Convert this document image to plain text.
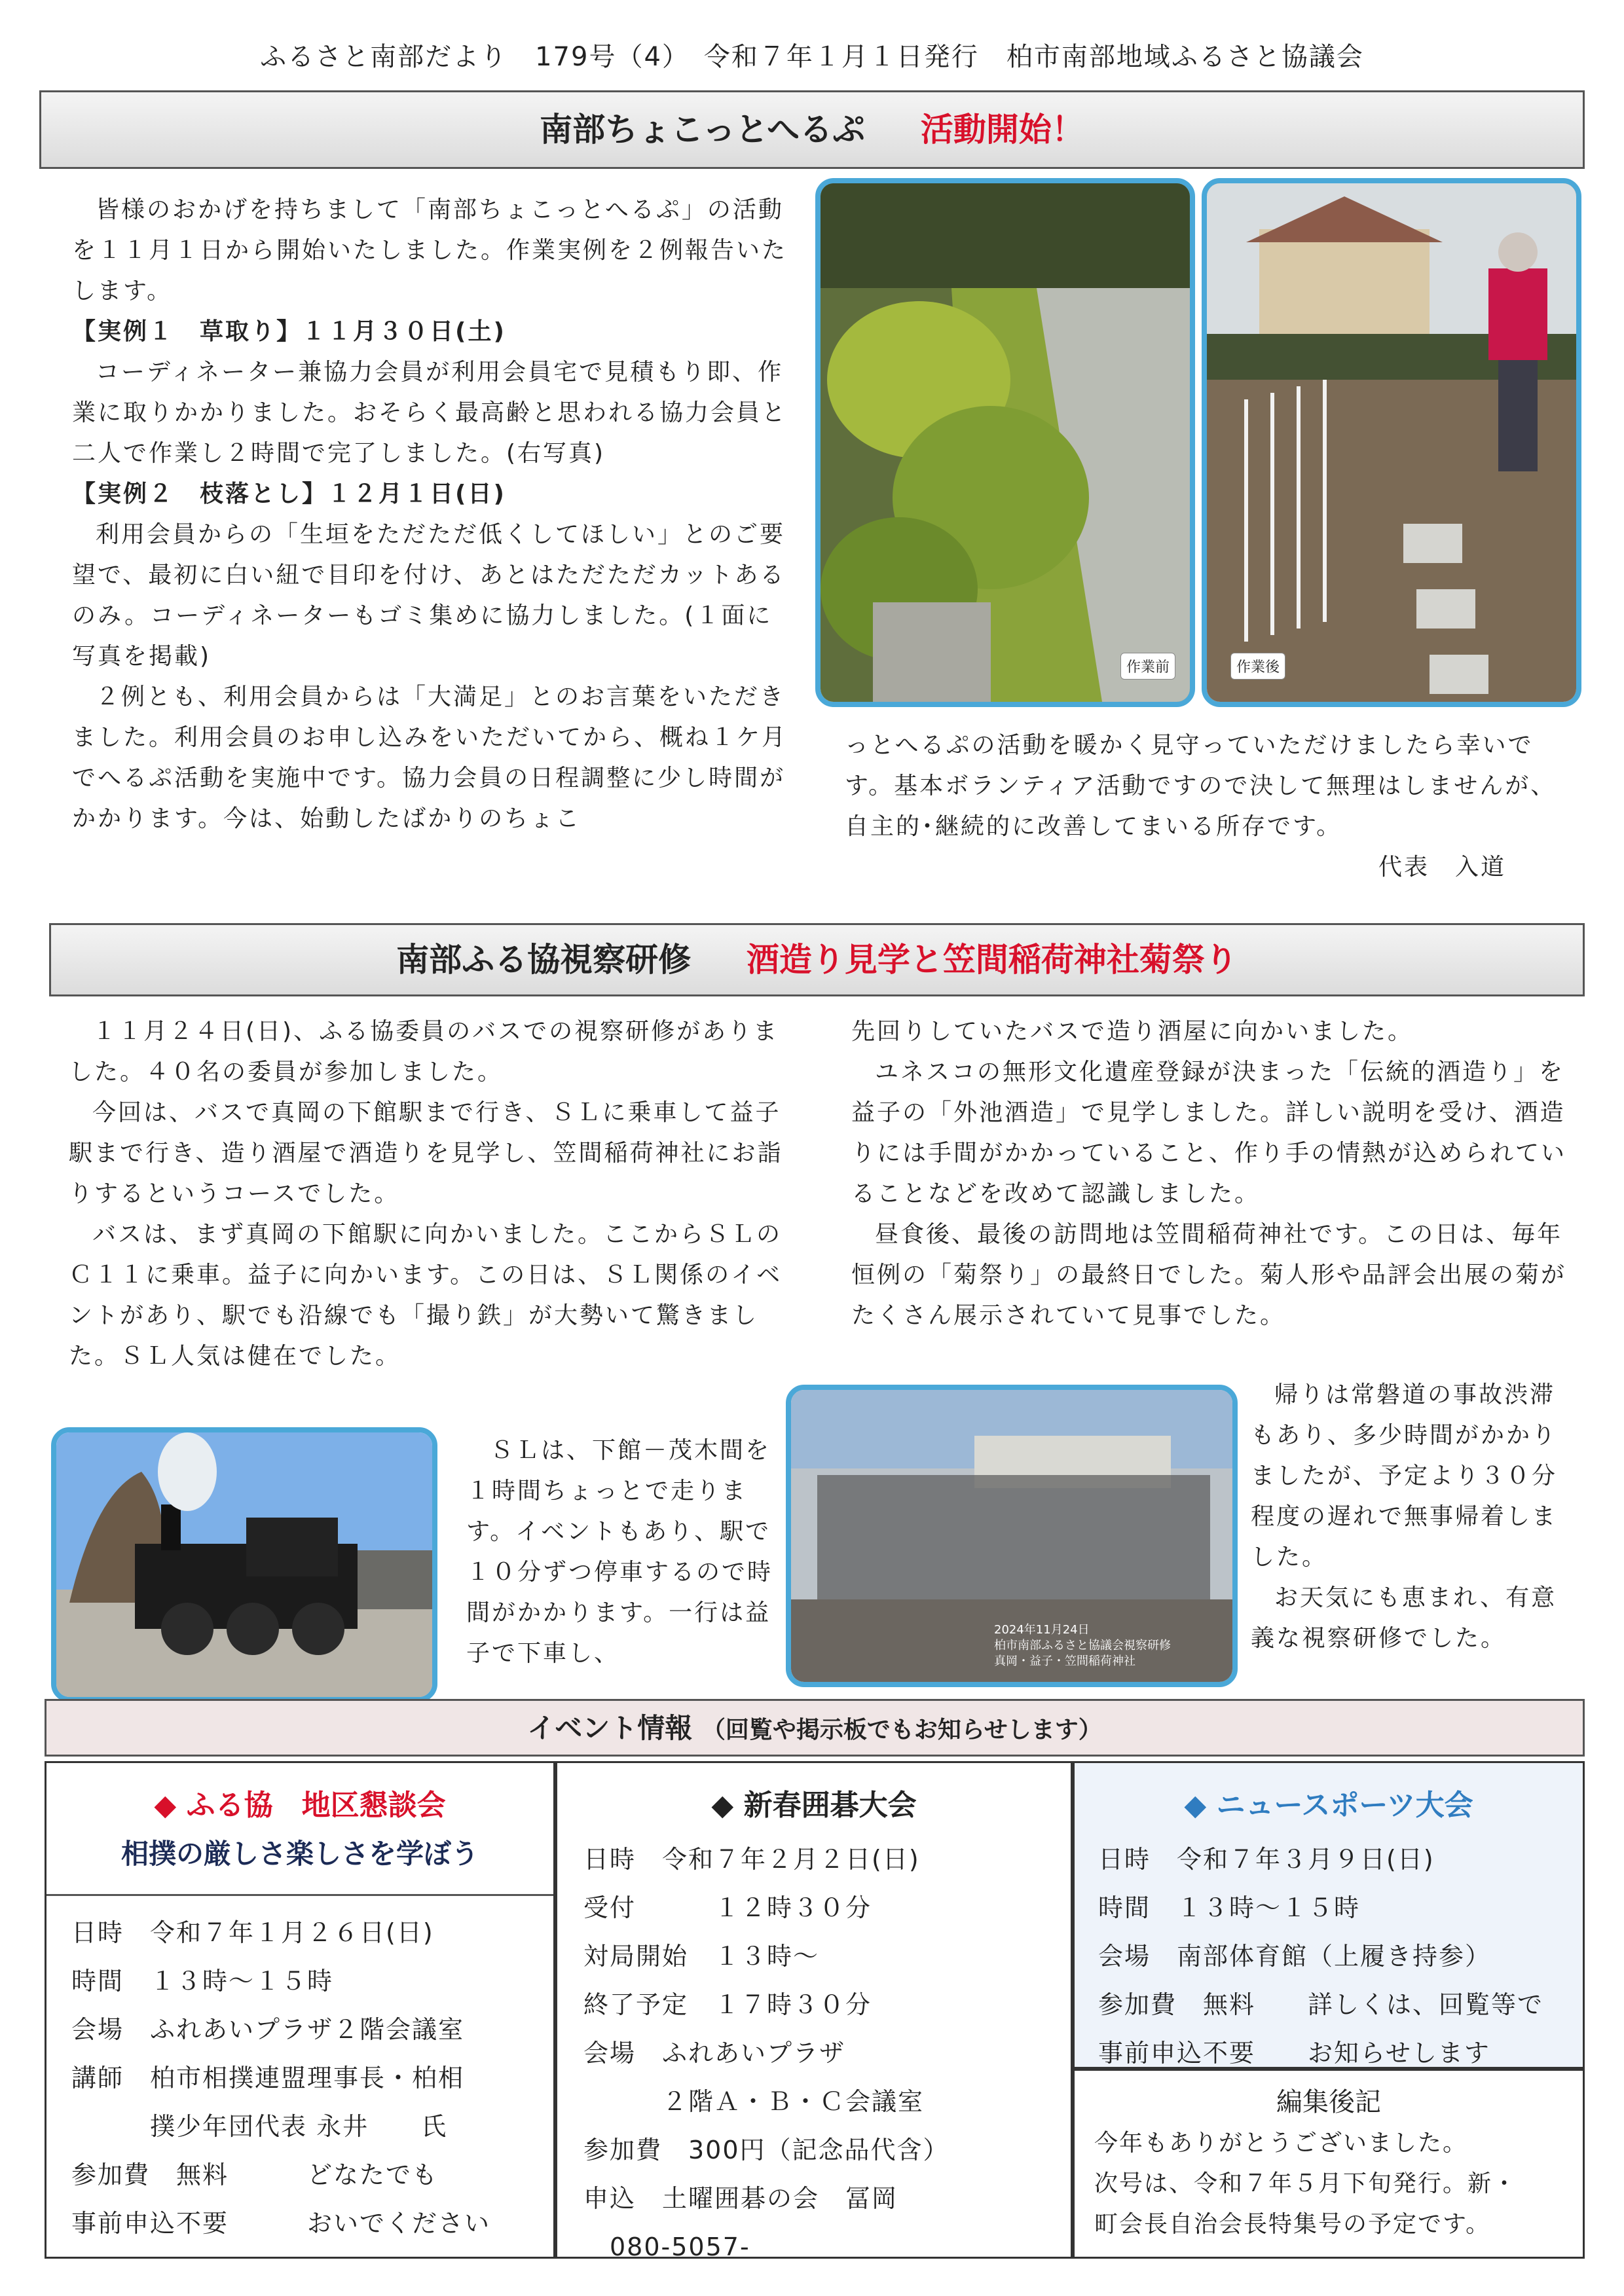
ふるさと南部だより　179号（4）　令和７年１月１日発行　柏市南部地域ふるさと協議会
南部ちょこっとへるぷ 活動開始！

皆様のおかげを持ちまして「南部ちょこっとへるぷ」の活動を１１月１日から開始いたしました。作業実例を２例報告いたします。

【実例１　草取り】１１月３０日(土)

コーディネーター兼協力会員が利用会員宅で見積もり即、作業に取りかかりました。おそらく最高齢と思われる協力会員と二人で作業し２時間で完了しました。(右写真)

【実例２　枝落とし】１２月１日(日)

利用会員からの「生垣をただただ低くしてほしい」とのご要望で、最初に白い紐で目印を付け、あとはただただカットあるのみ。コーディネーターもゴミ集めに協力しました。(１面に写真を掲載)

２例とも、利用会員からは「大満足」とのお言葉をいただきました。利用会員のお申し込みをいただいてから、概ね１ケ月でへるぷ活動を実施中です。協力会員の日程調整に少し時間がかかります。今は、始動したばかりのちょこ

作業前	作業後

っとへるぷの活動を暖かく見守っていただけましたら幸いです。基本ボランティア活動ですので決して無理はしませんが、自主的･継続的に改善してまいる所存です。

代表　入道
南部ふる協視察研修 酒造り見学と笠間稲荷神社菊祭り

１１月２４日(日)、ふる協委員のバスでの視察研修がありました。４０名の委員が参加しました。

今回は、バスで真岡の下館駅まで行き、ＳＬに乗車して益子駅まで行き、造り酒屋で酒造りを見学し、笠間稲荷神社にお詣りするというコースでした。

バスは、まず真岡の下館駅に向かいました。ここからＳＬのＣ１１に乗車。益子に向かいます。この日は、ＳＬ関係のイベントがあり、駅でも沿線でも「撮り鉄」が大勢いて驚きました。ＳＬ人気は健在でした。

ＳＬは、下館－茂木間を１時間ちょっとで走ります。イベントもあり、駅で１０分ずつ停車するので時間がかかります。一行は益子で下車し、

先回りしていたバスで造り酒屋に向かいました。

ユネスコの無形文化遺産登録が決まった「伝統的酒造り」を益子の「外池酒造」で見学しました。詳しい説明を受け、酒造りには手間がかかっていること、作り手の情熱が込められていることなどを改めて認識しました。

昼食後、最後の訪問地は笠間稲荷神社です。この日は、毎年恒例の「菊祭り」の最終日でした。菊人形や品評会出展の菊がたくさん展示されていて見事でした。

2024年11月24日
柏市南部ふるさと協議会視察研修
真岡・益子・笠間稲荷神社

帰りは常磐道の事故渋滞もあり、多少時間がかかりましたが、予定より３０分程度の遅れで無事帰着しました。

お天気にも恵まれ、有意義な視察研修でした。

イベント情報 （回覧や掲示板でもお知らせします）
◆ ふる協　地区懇談会
相撲の厳しさ楽しさを学ぼう
日時　令和７年１月２６日(日)
時間　１３時～１５時
会場　ふれあいプラザ２階会議室
講師　柏市相撲連盟理事長・柏相
　　　撲少年団代表 永井　　氏
参加費　無料　　　どなたでも
事前申込不要　　　おいでください
◆ 新春囲碁大会
日時　令和７年２月２日(日)
受付　　　１２時３０分
対局開始　１３時～
終了予定　１７時３０分
会場　ふれあいプラザ
　　　２階Ａ・Ｂ・Ｃ会議室
参加費　300円（記念品代含）
申込　土曜囲碁の会　冨岡
　080-5057-
◆ ニュースポーツ大会
日時　令和７年３月９日(日)
時間　１３時～１５時
会場　南部体育館（上履き持参）
参加費　無料　　詳しくは、回覧等で
事前申込不要　　お知らせします
編集後記
今年もありがとうございました。
次号は、令和７年５月下旬発行。新・
町会長自治会長特集号の予定です。
